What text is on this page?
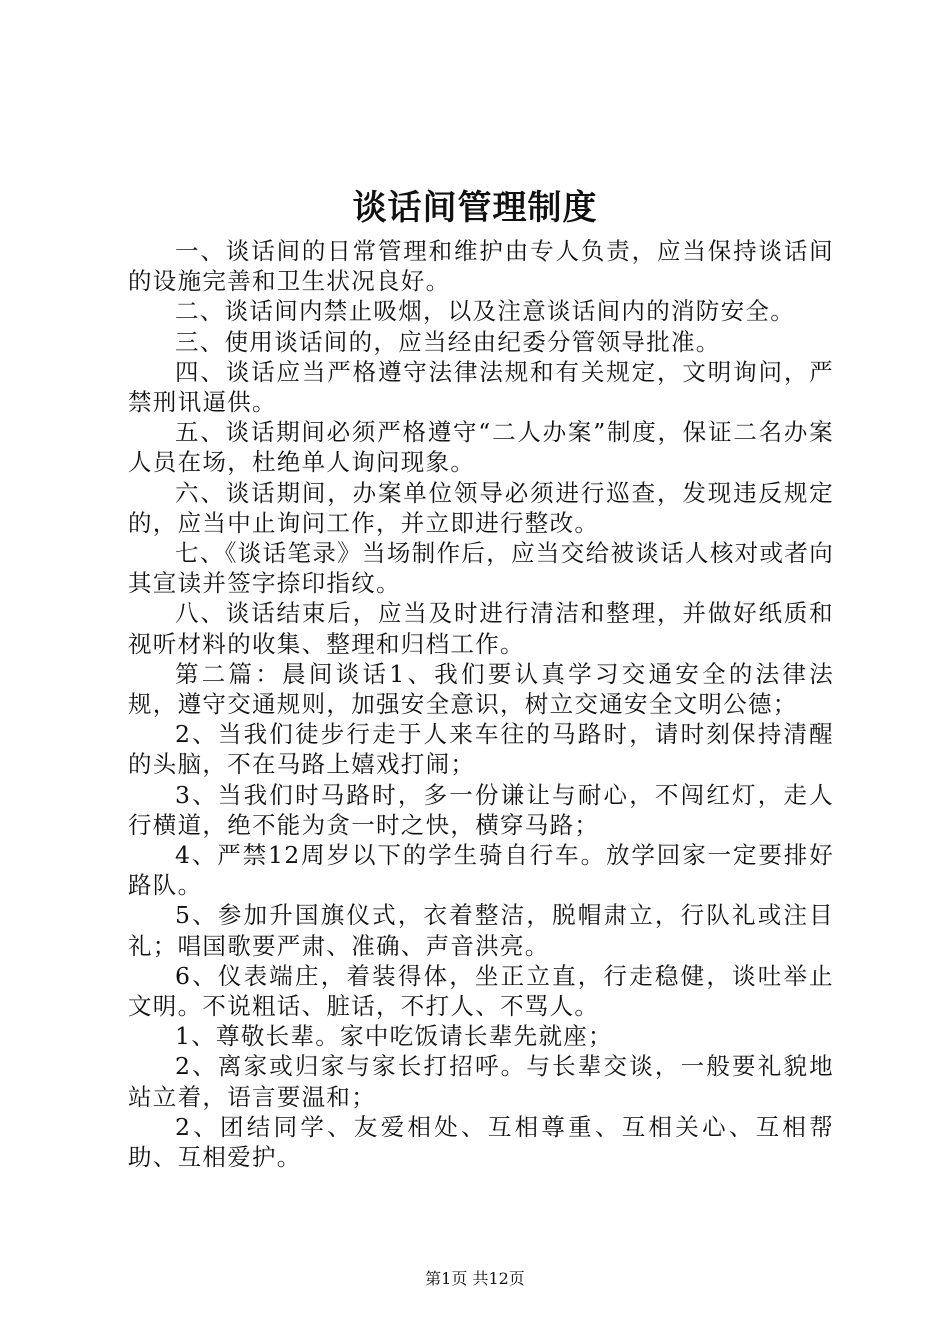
谈话间管理制度

一、谈话间的日常管理和维护由专人负责，应当保持谈话间的设施完善和卫生状况良好。

二、谈话间内禁止吸烟，以及注意谈话间内的消防安全。

三、使用谈话间的，应当经由纪委分管领导批准。

四、谈话应当严格遵守法律法规和有关规定，文明询问，严禁刑讯逼供。

五、谈话期间必须严格遵守“二人办案”制度，保证二名办案人员在场，杜绝单人询问现象。

六、谈话期间，办案单位领导必须进行巡查，发现违反规定的，应当中止询问工作，并立即进行整改。

七、《谈话笔录》当场制作后，应当交给被谈话人核对或者向其宣读并签字捺印指纹。

八、谈话结束后，应当及时进行清洁和整理，并做好纸质和视听材料的收集、整理和归档工作。

第二篇：晨间谈话1、我们要认真学习交通安全的法律法规，遵守交通规则，加强安全意识，树立交通安全文明公德；

2、当我们徒步行走于人来车往的马路时，请时刻保持清醒的头脑，不在马路上嬉戏打闹；

3、当我们时马路时，多一份谦让与耐心，不闯红灯，走人行横道，绝不能为贪一时之快，横穿马路；

4、严禁12周岁以下的学生骑自行车。放学回家一定要排好路队。

5、参加升国旗仪式，衣着整洁，脱帽肃立，行队礼或注目礼；唱国歌要严肃、准确、声音洪亮。

6、仪表端庄，着装得体，坐正立直，行走稳健，谈吐举止文明。不说粗话、脏话，不打人、不骂人。

1、尊敬长辈。家中吃饭请长辈先就座；

2、离家或归家与家长打招呼。与长辈交谈，一般要礼貌地站立着，语言要温和；

2、团结同学、友爱相处、互相尊重、互相关心、互相帮助、互相爱护。

第1页 共12页
